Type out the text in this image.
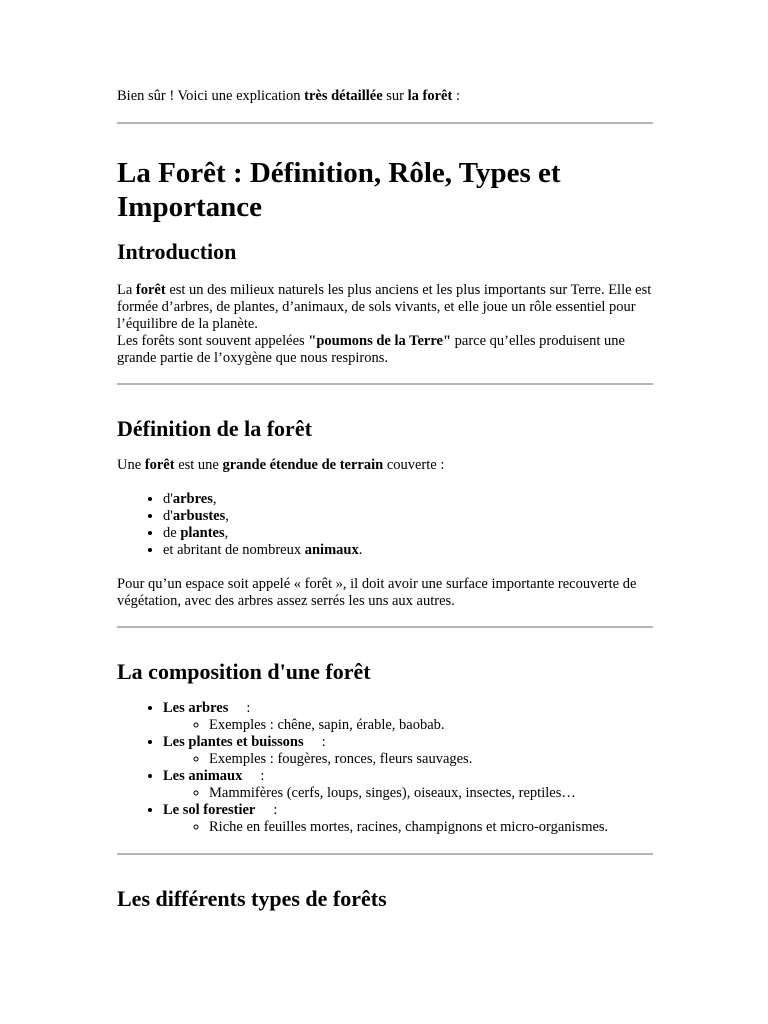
Bien sûr ! Voici une explication très détaillée sur la forêt :

La Forêt : Définition, Rôle, Types et Importance
Introduction

La forêt est un des milieux naturels les plus anciens et les plus importants sur Terre. Elle est formée d’arbres, de plantes, d’animaux, de sols vivants, et elle joue un rôle essentiel pour l’équilibre de la planète.
Les forêts sont souvent appelées "poumons de la Terre" parce qu’elles produisent une grande partie de l’oxygène que nous respirons.

Définition de la forêt

Une forêt est une grande étendue de terrain couverte :

• d'arbres,
• d'arbustes,
• de plantes,
• et abritant de nombreux animaux.

Pour qu’un espace soit appelé « forêt », il doit avoir une surface importante recouverte de végétation, avec des arbres assez serrés les uns aux autres.

La composition d'une forêt
• Les arbres :
◦ Exemples : chêne, sapin, érable, baobab.
• Les plantes et buissons :
◦ Exemples : fougères, ronces, fleurs sauvages.
• Les animaux :
◦ Mammifères (cerfs, loups, singes), oiseaux, insectes, reptiles…
• Le sol forestier :
◦ Riche en feuilles mortes, racines, champignons et micro-organismes.
Les différents types de forêts
